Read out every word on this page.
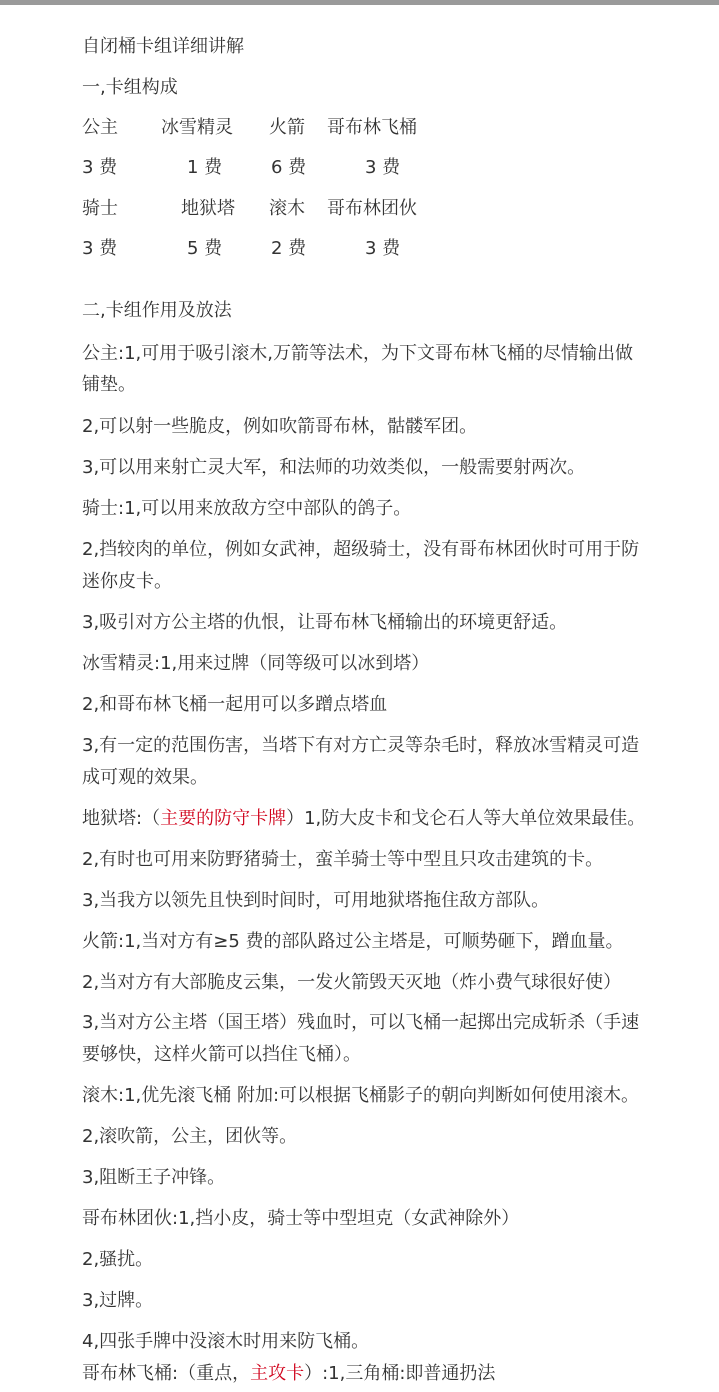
自闭桶卡组详细讲解
一,卡组构成
公主 冰雪精灵 火箭 哥布林飞桶
3 费	1 费	6 费	3 费
骑士	地狱塔 滚木 哥布林团伙
3 费	5 费	2 费	3 费
二,卡组作用及放法
公主:1,可用于吸引滚木,万箭等法术，为下文哥布林飞桶的尽情输出做
铺垫。
2,可以射一些脆皮，例如吹箭哥布林，骷髅军团。
3,可以用来射亡灵大军，和法师的功效类似，一般需要射两次。
骑士:1,可以用来放敌方空中部队的鸽子。
2,挡较肉的单位，例如女武神，超级骑士，没有哥布林团伙时可用于防
迷你皮卡。
3,吸引对方公主塔的仇恨，让哥布林飞桶输出的环境更舒适。
冰雪精灵:1,用来过牌（同等级可以冰到塔）
2,和哥布林飞桶一起用可以多蹭点塔血
3,有一定的范围伤害，当塔下有对方亡灵等杂毛时，释放冰雪精灵可造
成可观的效果。
地狱塔:（主要的防守卡牌）1,防大皮卡和戈仑石人等大单位效果最佳。
2,有时也可用来防野猪骑士，蛮羊骑士等中型且只攻击建筑的卡。
3,当我方以领先且快到时间时，可用地狱塔拖住敌方部队。
火箭:1,当对方有≥5 费的部队路过公主塔是，可顺势砸下，蹭血量。
2,当对方有大部脆皮云集，一发火箭毁天灭地（炸小费气球很好使）
3,当对方公主塔（国王塔）残血时，可以飞桶一起掷出完成斩杀（手速
要够快，这样火箭可以挡住飞桶）。
滚木:1,优先滚飞桶 附加:可以根据飞桶影子的朝向判断如何使用滚木。
2,滚吹箭，公主，团伙等。
3,阻断王子冲锋。
哥布林团伙:1,挡小皮，骑士等中型坦克（女武神除外）
2,骚扰。
3,过牌。
4,四张手牌中没滚木时用来防飞桶。
哥布林飞桶:（重点，主攻卡）:1,三角桶:即普通扔法
